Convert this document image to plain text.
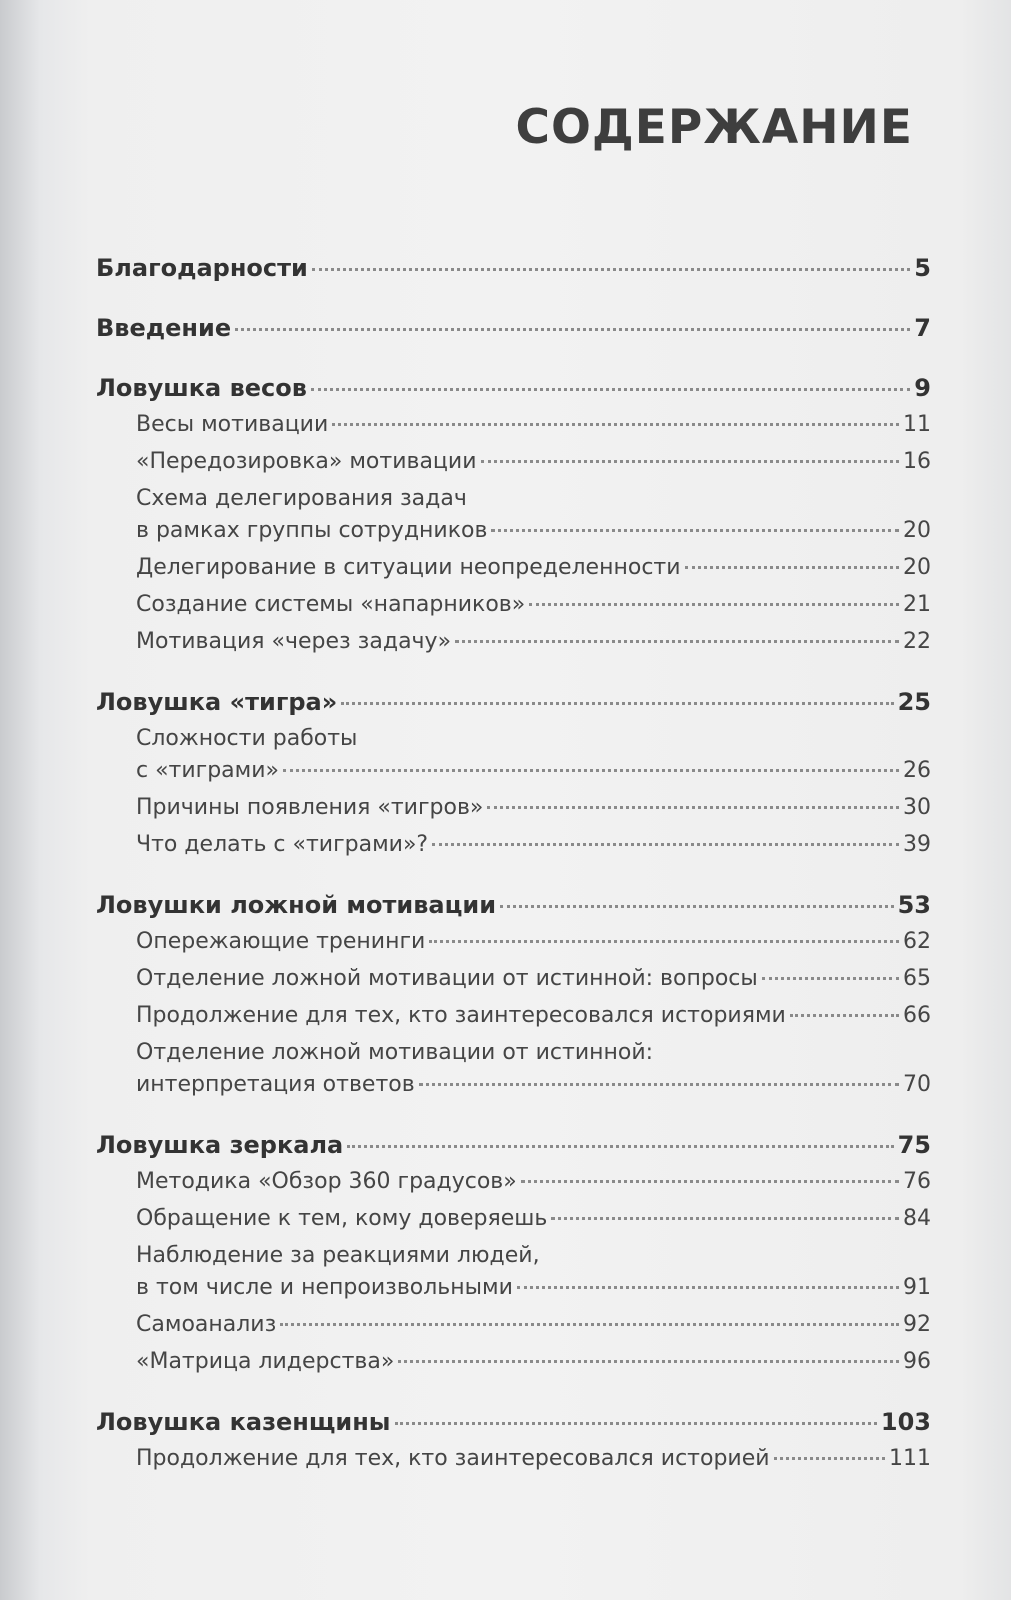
СОДЕРЖАНИЕ
Благодарности	5
Введение	7
Ловушка весов	9
Весы мотивации	11
«Передозировка» мотивации	16
Схема делегирования задач
в рамках группы сотрудников	20
Делегирование в ситуации неопределенности	20
Создание системы «напарников»	21
Мотивация «через задачу»	22
Ловушка «тигра»	25
Сложности работы
с «тиграми»	26
Причины появления «тигров»	30
Что делать с «тиграми»?	39
Ловушки ложной мотивации	53
Опережающие тренинги	62
Отделение ложной мотивации от истинной: вопросы	65
Продолжение для тех, кто заинтересовался историями	66
Отделение ложной мотивации от истинной:
интерпретация ответов	70
Ловушка зеркала	75
Методика «Обзор 360 градусов»	76
Обращение к тем, кому доверяешь	84
Наблюдение за реакциями людей,
в том числе и непроизвольными	91
Самоанализ	92
«Матрица лидерства»	96
Ловушка казенщины	103
Продолжение для тех, кто заинтересовался историей	111
